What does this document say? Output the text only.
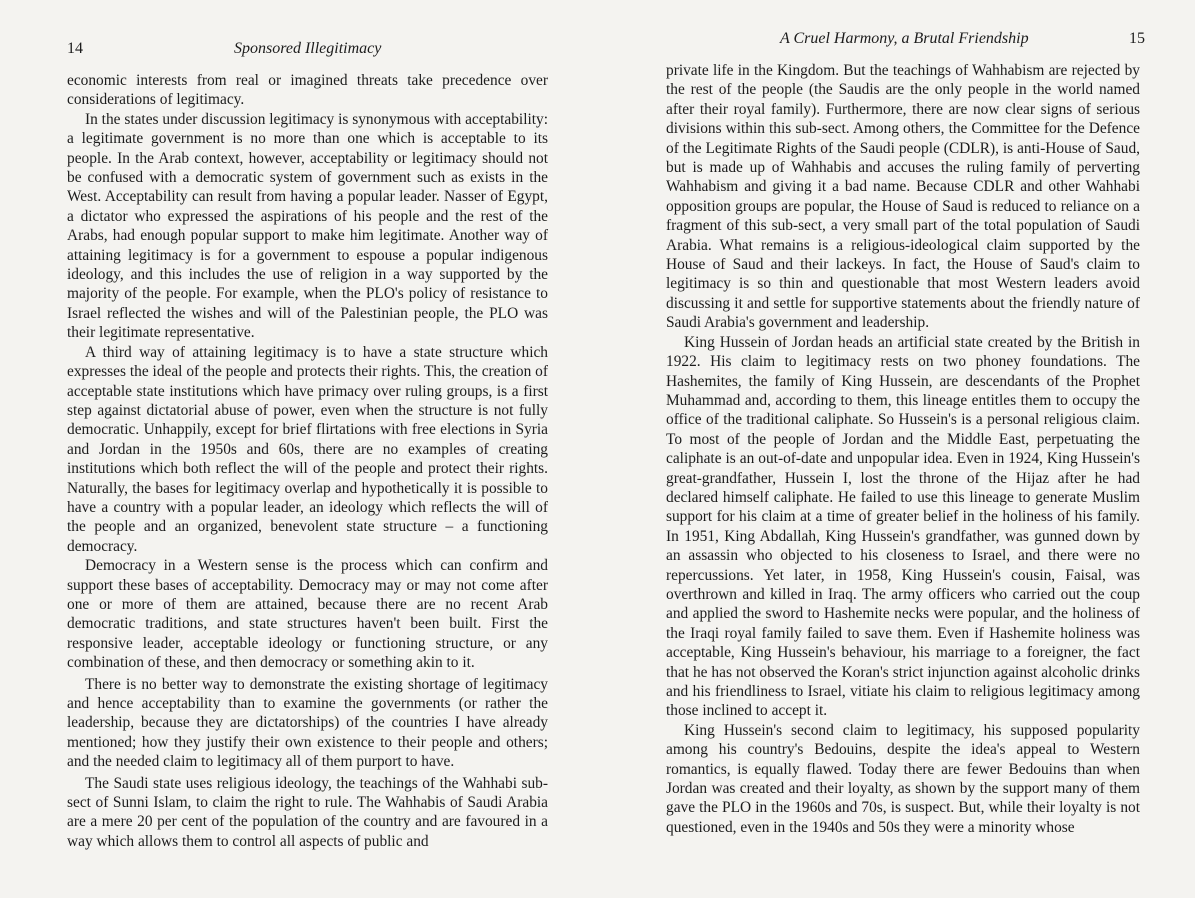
14	Sponsored Illegitimacy

economic interests from real or imagined threats take precedence over considerations of legitimacy.

In the states under discussion legitimacy is synonymous with acceptability: a legitimate government is no more than one which is acceptable to its people. In the Arab context, however, acceptability or legitimacy should not be confused with a democratic system of government such as exists in the West. Acceptability can result from having a popular leader. Nasser of Egypt, a dictator who expressed the aspirations of his people and the rest of the Arabs, had enough popular support to make him legitimate. Another way of attaining legitimacy is for a government to espouse a popular indigenous ideology, and this includes the use of religion in a way supported by the majority of the people. For example, when the PLO's policy of resistance to Israel reflected the wishes and will of the Palestinian people, the PLO was their legitimate representative.

A third way of attaining legitimacy is to have a state structure which expresses the ideal of the people and protects their rights. This, the creation of acceptable state institutions which have primacy over ruling groups, is a first step against dictatorial abuse of power, even when the structure is not fully democratic. Unhappily, except for brief flirtations with free elections in Syria and Jordan in the 1950s and 60s, there are no examples of creating institutions which both reflect the will of the people and protect their rights. Naturally, the bases for legitimacy overlap and hypothetically it is possible to have a country with a popular leader, an ideology which reflects the will of the people and an organized, benevolent state structure – a functioning democracy.

Democracy in a Western sense is the process which can confirm and support these bases of acceptability. Democracy may or may not come after one or more of them are attained, because there are no recent Arab democratic traditions, and state structures haven't been built. First the responsive leader, acceptable ideology or functioning structure, or any combination of these, and then democracy or something akin to it.

There is no better way to demonstrate the existing shortage of legitimacy and hence acceptability than to examine the governments (or rather the leadership, because they are dictatorships) of the countries I have already mentioned; how they justify their own existence to their people and others; and the needed claim to legitimacy all of them purport to have.

The Saudi state uses religious ideology, the teachings of the Wahhabi sub-sect of Sunni Islam, to claim the right to rule. The Wahhabis of Saudi Arabia are a mere 20 per cent of the population of the country and are favoured in a way which allows them to control all aspects of public and

A Cruel Harmony, a Brutal Friendship	15

private life in the Kingdom. But the teachings of Wahhabism are rejected by the rest of the people (the Saudis are the only people in the world named after their royal family). Furthermore, there are now clear signs of serious divisions within this sub-sect. Among others, the Committee for the Defence of the Legitimate Rights of the Saudi people (CDLR), is anti-House of Saud, but is made up of Wahhabis and accuses the ruling family of perverting Wahhabism and giving it a bad name. Because CDLR and other Wahhabi opposition groups are popular, the House of Saud is reduced to reliance on a fragment of this sub-sect, a very small part of the total population of Saudi Arabia. What remains is a religious-ideological claim supported by the House of Saud and their lackeys. In fact, the House of Saud's claim to legitimacy is so thin and questionable that most Western leaders avoid discussing it and settle for supportive statements about the friendly nature of Saudi Arabia's government and leadership.

King Hussein of Jordan heads an artificial state created by the British in 1922. His claim to legitimacy rests on two phoney foundations. The Hashemites, the family of King Hussein, are descendants of the Prophet Muhammad and, according to them, this lineage entitles them to occupy the office of the traditional caliphate. So Hussein's is a personal religious claim. To most of the people of Jordan and the Middle East, perpetuating the caliphate is an out-of-date and unpopular idea. Even in 1924, King Hussein's great-grandfather, Hussein I, lost the throne of the Hijaz after he had declared himself caliphate. He failed to use this lineage to generate Muslim support for his claim at a time of greater belief in the holiness of his family. In 1951, King Abdallah, King Hussein's grandfather, was gunned down by an assassin who objected to his closeness to Israel, and there were no repercussions. Yet later, in 1958, King Hussein's cousin, Faisal, was overthrown and killed in Iraq. The army officers who carried out the coup and applied the sword to Hashemite necks were popular, and the holiness of the Iraqi royal family failed to save them. Even if Hashemite holiness was acceptable, King Hussein's behaviour, his marriage to a foreigner, the fact that he has not observed the Koran's strict injunction against alcoholic drinks and his friendliness to Israel, vitiate his claim to religious legitimacy among those inclined to accept it.

King Hussein's second claim to legitimacy, his supposed popularity among his country's Bedouins, despite the idea's appeal to Western romantics, is equally flawed. Today there are fewer Bedouins than when Jordan was created and their loyalty, as shown by the support many of them gave the PLO in the 1960s and 70s, is suspect. But, while their loyalty is not questioned, even in the 1940s and 50s they were a minority whose
